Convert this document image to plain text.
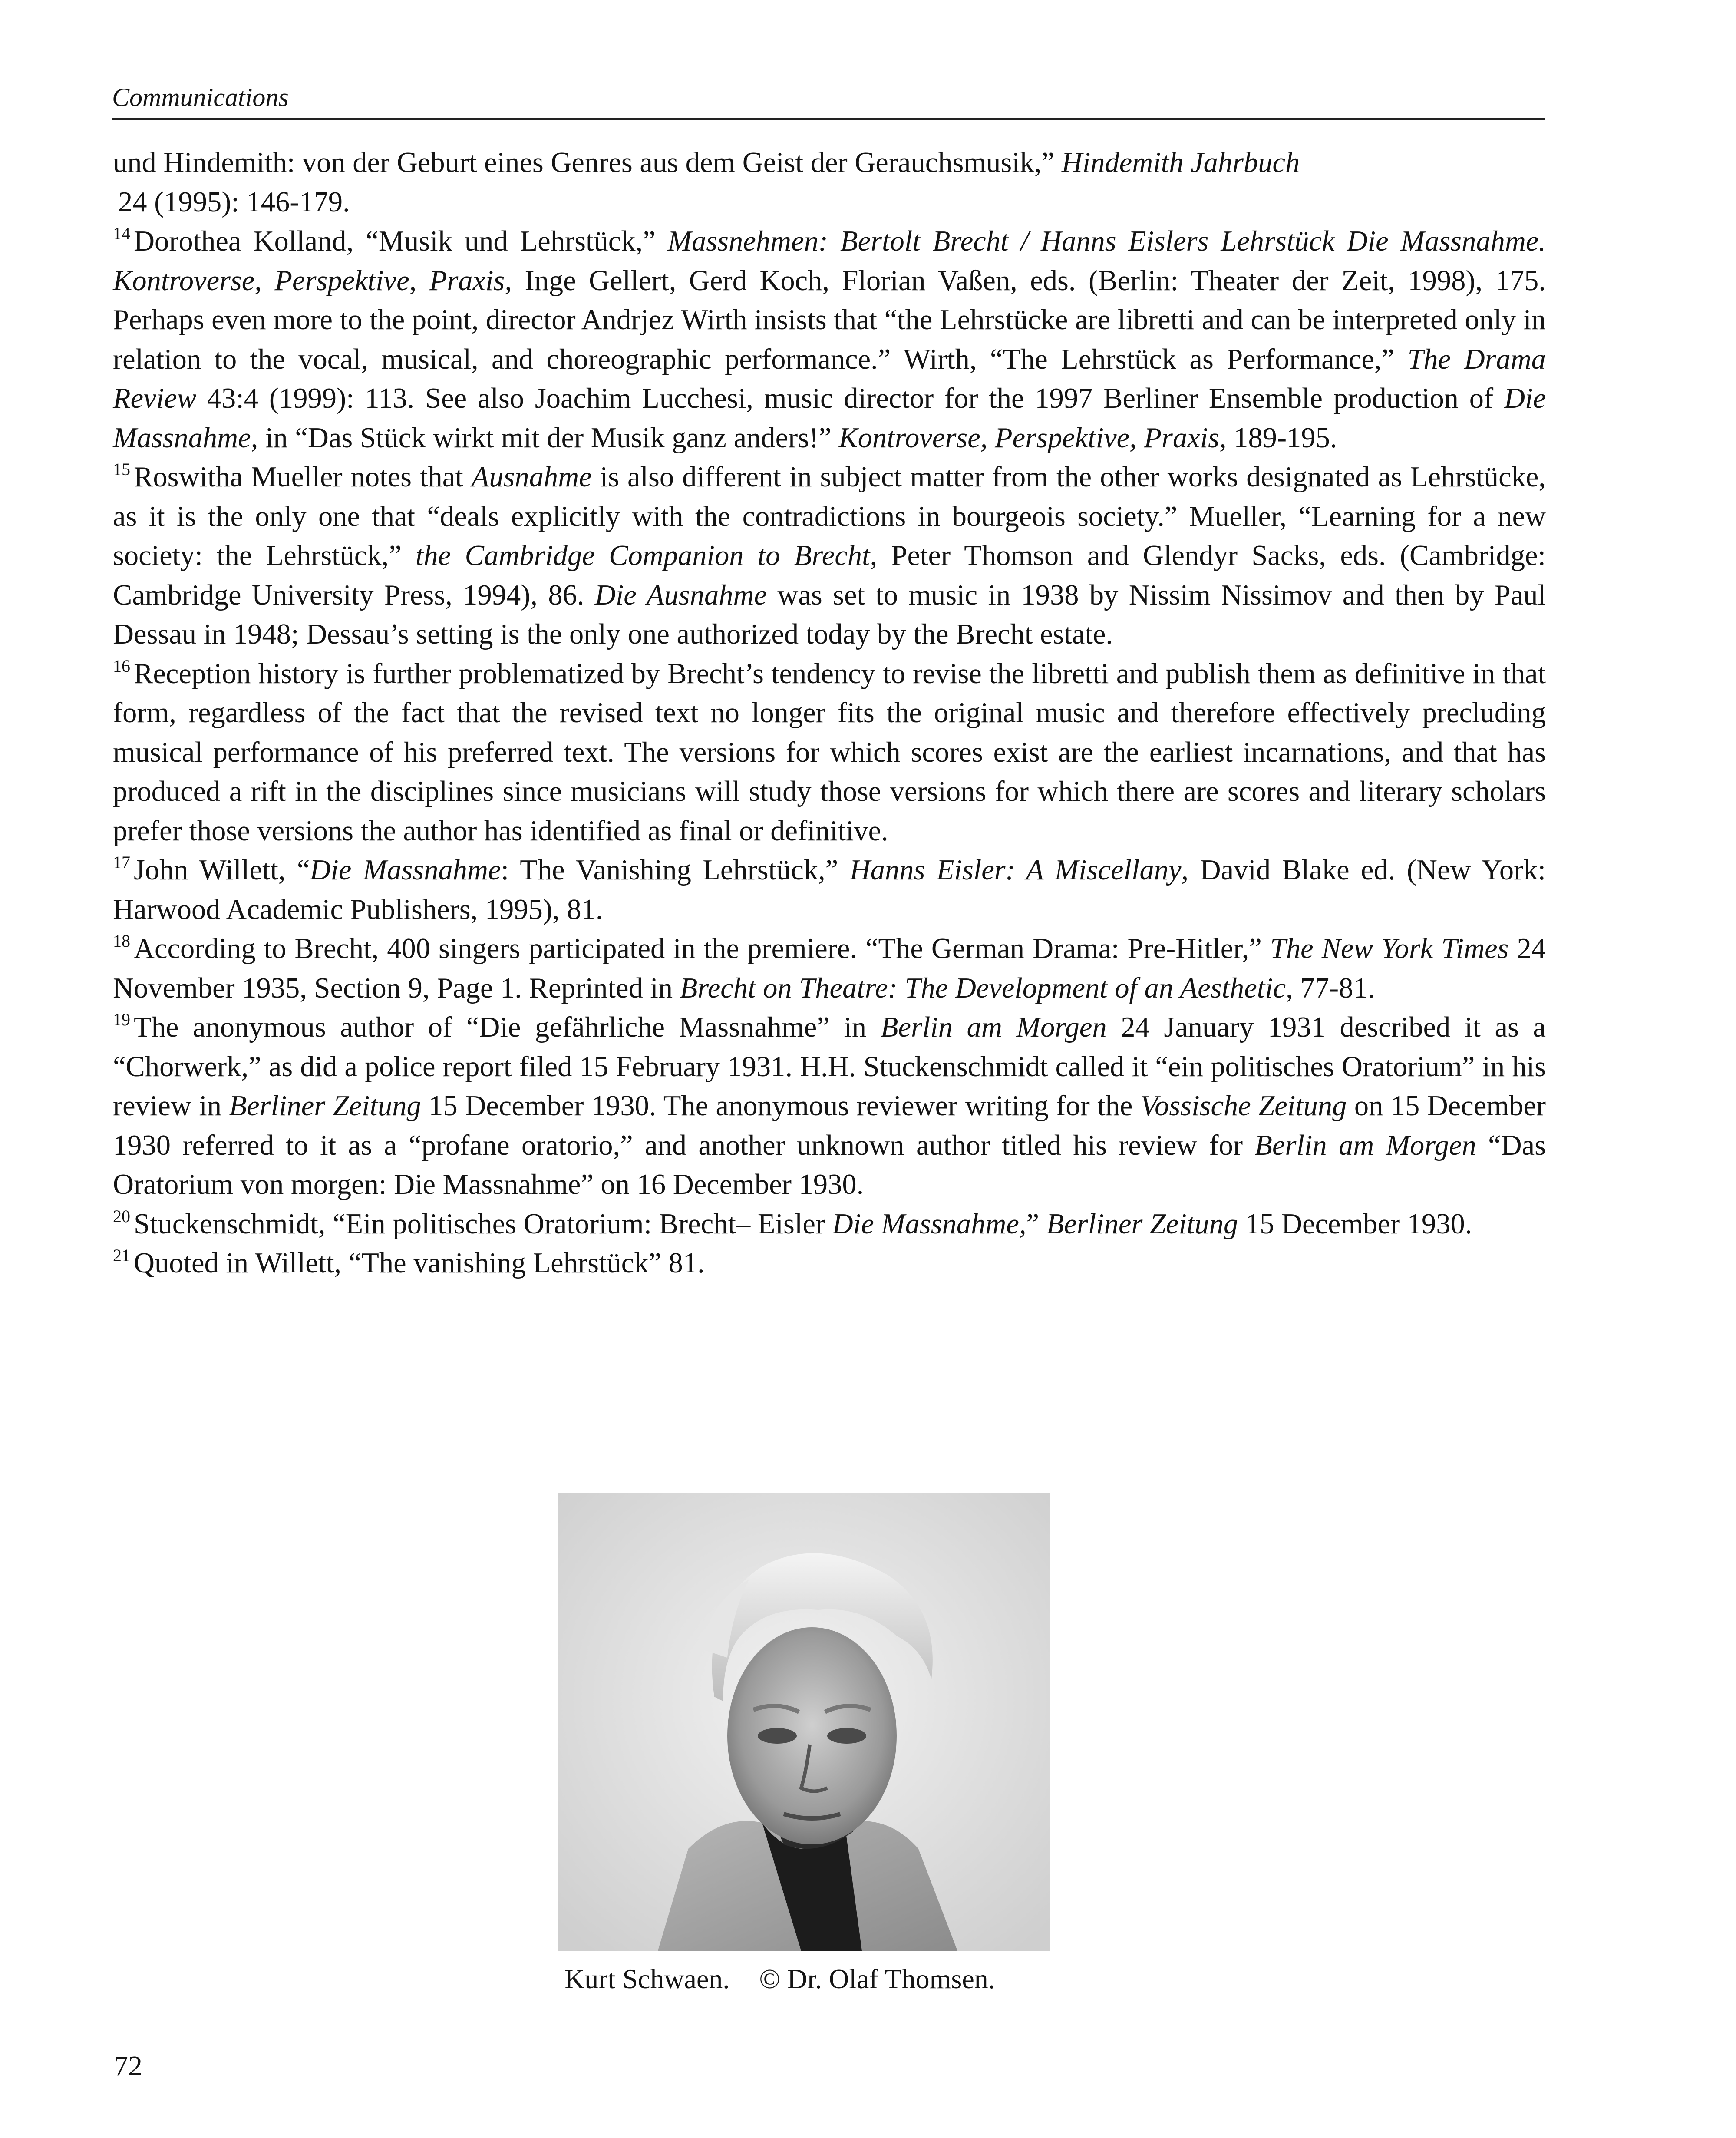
Communications

und Hindemith: von der Geburt eines Genres aus dem Geist der Gerauchsmusik,” Hindemith Jahrbuch
24 (1995): 146-179.

$^{14}$ Dorothea Kolland, “Musik und Lehrstück,” Massnehmen: Bertolt Brecht / Hanns Eislers Lehrstück Die Massnahme. Kontroverse, Perspektive, Praxis, Inge Gellert, Gerd Koch, Florian Vaßen, eds. (Berlin: Theater der Zeit, 1998), 175. Perhaps even more to the point, director Andrjez Wirth insists that “the Lehrstücke are libretti and can be interpreted only in relation to the vocal, musical, and choreographic performance.” Wirth, “The Lehrstück as Performance,” The Drama Review 43:4 (1999): 113. See also Joachim Lucchesi, music director for the 1997 Berliner Ensemble production of Die Massnahme, in “Das Stück wirkt mit der Musik ganz anders!” Kontroverse, Perspektive, Praxis, 189-195.

$^{15}$ Roswitha Mueller notes that Ausnahme is also different in subject matter from the other works designated as Lehrstücke, as it is the only one that “deals explicitly with the contradictions in bourgeois society.” Mueller, “Learning for a new society: the Lehrstück,” the Cambridge Companion to Brecht, Peter Thomson and Glendyr Sacks, eds. (Cambridge: Cambridge University Press, 1994), 86. Die Ausnahme was set to music in 1938 by Nissim Nissimov and then by Paul Dessau in 1948; Dessau’s setting is the only one authorized today by the Brecht estate.

$^{16}$ Reception history is further problematized by Brecht’s tendency to revise the libretti and publish them as definitive in that form, regardless of the fact that the revised text no longer fits the original music and therefore effectively precluding musical performance of his preferred text. The versions for which scores exist are the earliest incarnations, and that has produced a rift in the disciplines since musicians will study those versions for which there are scores and literary scholars prefer those versions the author has identified as final or definitive.

$^{17}$ John Willett, “Die Massnahme: The Vanishing Lehrstück,” Hanns Eisler: A Miscellany, David Blake ed. (New York: Harwood Academic Publishers, 1995), 81.

$^{18}$ According to Brecht, 400 singers participated in the premiere. “The German Drama: Pre-Hitler,” The New York Times 24 November 1935, Section 9, Page 1. Reprinted in Brecht on Theatre: The Development of an Aesthetic, 77-81.

$^{19}$ The anonymous author of “Die gefährliche Massnahme” in Berlin am Morgen 24 January 1931 described it as a “Chorwerk,” as did a police report filed 15 February 1931. H.H. Stuckenschmidt called it “ein politisches Oratorium” in his review in Berliner Zeitung 15 December 1930. The anonymous reviewer writing for the Vossische Zeitung on 15 December 1930 referred to it as a “profane oratorio,” and another unknown author titled his review for Berlin am Morgen “Das Oratorium von morgen: Die Massnahme” on 16 December 1930.

$^{20}$ Stuckenschmidt, “Ein politisches Oratorium: Brecht– Eisler Die Massnahme,” Berliner Zeitung 15 December 1930.

$^{21}$ Quoted in Willett, “The vanishing Lehrstück” 81.

Kurt Schwaen. © Dr. Olaf Thomsen.
72
